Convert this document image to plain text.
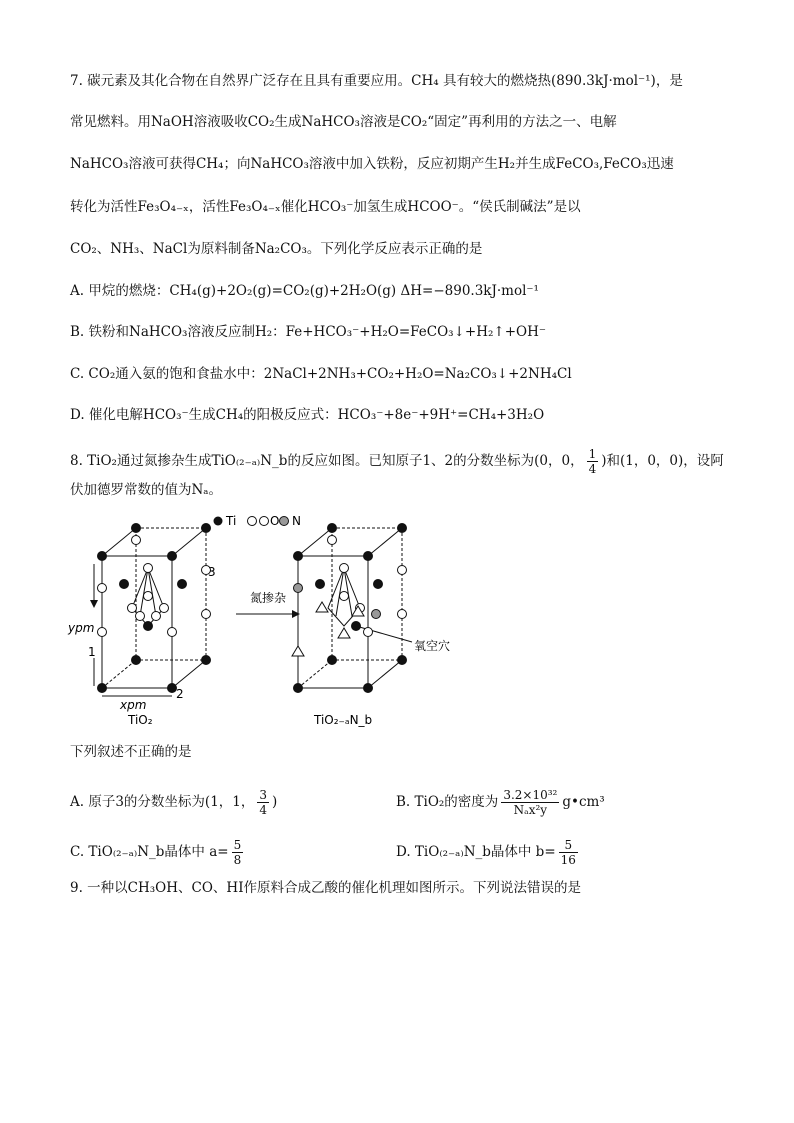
7. 碳元素及其化合物在自然界广泛存在且具有重要应用。CH₄ 具有较大的燃烧热(890.3kJ·mol⁻¹)，是
常见燃料。用NaOH溶液吸收CO₂生成NaHCO₃溶液是CO₂“固定”再利用的方法之一、电解
NaHCO₃溶液可获得CH₄；向NaHCO₃溶液中加入铁粉，反应初期产生H₂并生成FeCO₃,FeCO₃迅速
转化为活性Fe₃O₄₋ₓ，活性Fe₃O₄₋ₓ催化HCO₃⁻加氢生成HCOO⁻。“侯氏制碱法”是以
CO₂、NH₃、NaCl为原料制备Na₂CO₃。下列化学反应表示正确的是
A. 甲烷的燃烧：CH₄(g)+2O₂(g)=CO₂(g)+2H₂O(g) ΔH=−890.3kJ·mol⁻¹
B. 铁粉和NaHCO₃溶液反应制H₂：Fe+HCO₃⁻+H₂O=FeCO₃↓+H₂↑+OH⁻
C. CO₂通入氨的饱和食盐水中：2NaCl+2NH₃+CO₂+H₂O=Na₂CO₃↓+2NH₄Cl
D. 催化电解HCO₃⁻生成CH₄的阳极反应式：HCO₃⁻+8e⁻+9H⁺=CH₄+3H₂O
8. TiO₂通过氮掺杂生成TiO₍₂₋ₐ₎N_b的反应如图。已知原子1、2的分数坐标为(0，0， $\frac{1}{4}$ )和(1，0，0)，设阿
伏加德罗常数的值为Nₐ。
Ti	O N
ypm
1
2
3
xpm
TiO₂
氮掺杂
氧空穴
TiO₂₋ₐN_b
下列叙述不正确的是
A. 原子3的分数坐标为(1，1， $\frac{3}{4}$ )	B. TiO₂的密度为 $\frac{\text{3.2×10³²}}{\text{Nₐx²y}}$ g•cm³
C. TiO₍₂₋ₐ₎N_b晶体中 $a= \frac{5}{8}$	D. TiO₍₂₋ₐ₎N_b晶体中 $b= \frac{5}{16}$
9. 一种以CH₃OH、CO、HI作原料合成乙酸的催化机理如图所示。下列说法错误的是
